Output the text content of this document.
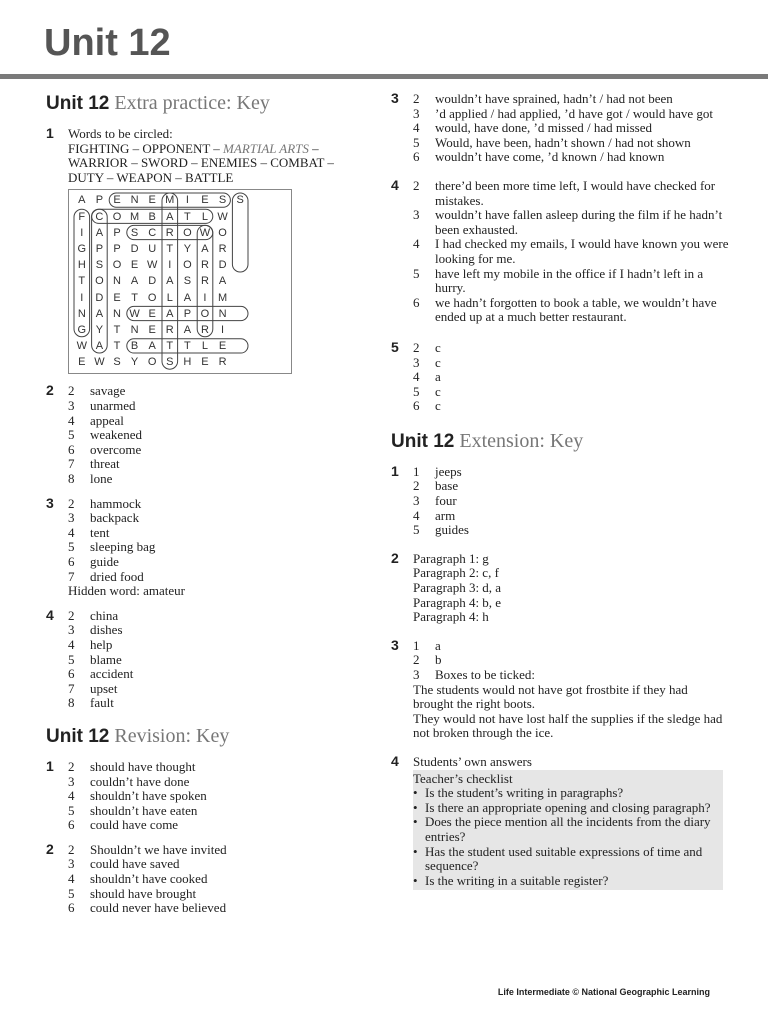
Unit 12
Unit 12 Extra practice: Key
1 Words to be circled:
FIGHTING – OPPONENT – MARTIAL ARTS –
WARRIOR – SWORD – ENEMIES – COMBAT –
DUTY – WEAPON – BATTLE
A P E N E M	I	E S S
F C O M B A T	L W
I	A P S C R O W O
G P P D U T Y A R
H S O E W I	O R D
T O N A D A S R A
I	D E T O L A	I	M
N A N W E A P O N
G Y T N E R A R	I
W A T B A T T	L E
E W S Y O S H E R
2 2	savage
3	unarmed
4	appeal
5	weakened
6	overcome
7	threat
8	lone
3 2	hammock
3	backpack
4	tent
5	sleeping bag
6	guide
7	dried food
Hidden word: amateur
4 2	china
3	dishes
4	help
5	blame
6	accident
7	upset
8	fault
Unit 12 Revision: Key
1 2	should have thought
3	couldn’t have done
4	shouldn’t have spoken
5	shouldn’t have eaten
6	could have come
2 2	Shouldn’t we have invited
3	could have saved
4	shouldn’t have cooked
5	should have brought
6	could never have believed
3 2	wouldn’t have sprained, hadn’t / had not been
3	’d applied / had applied, ’d have got / would have got
4	would, have done, ’d missed / had missed
5	Would, have been, hadn’t shown / had not shown
6	wouldn’t have come, ’d known / had known
4 2	there’d been more time left, I would have checked for mistakes.
3	wouldn’t have fallen asleep during the film if he hadn’t been exhausted.
4	I had checked my emails, I would have known you were looking for me.
5	have left my mobile in the office if I hadn’t left in a hurry.
6	we hadn’t forgotten to book a table, we wouldn’t have ended up at a much better restaurant.
5 2	c
3	c
4	a
5	c
6	c
Unit 12 Extension: Key
1 1	jeeps
2	base
3	four
4	arm
5	guides
2 Paragraph 1: g
Paragraph 2: c, f
Paragraph 3: d, a
Paragraph 4: b, e
Paragraph 4: h
3 1	a
2	b
3	Boxes to be ticked:
The students would not have got frostbite if they had brought the right boots.
They would not have lost half the supplies if the sledge had not broken through the ice.
4 Students’ own answers
Teacher’s checklist
• Is the student’s writing in paragraphs?
• Is there an appropriate opening and closing paragraph?
• Does the piece mention all the incidents from the diary entries?
• Has the student used suitable expressions of time and sequence?
• Is the writing in a suitable register?
Life Intermediate © National Geographic Learning
